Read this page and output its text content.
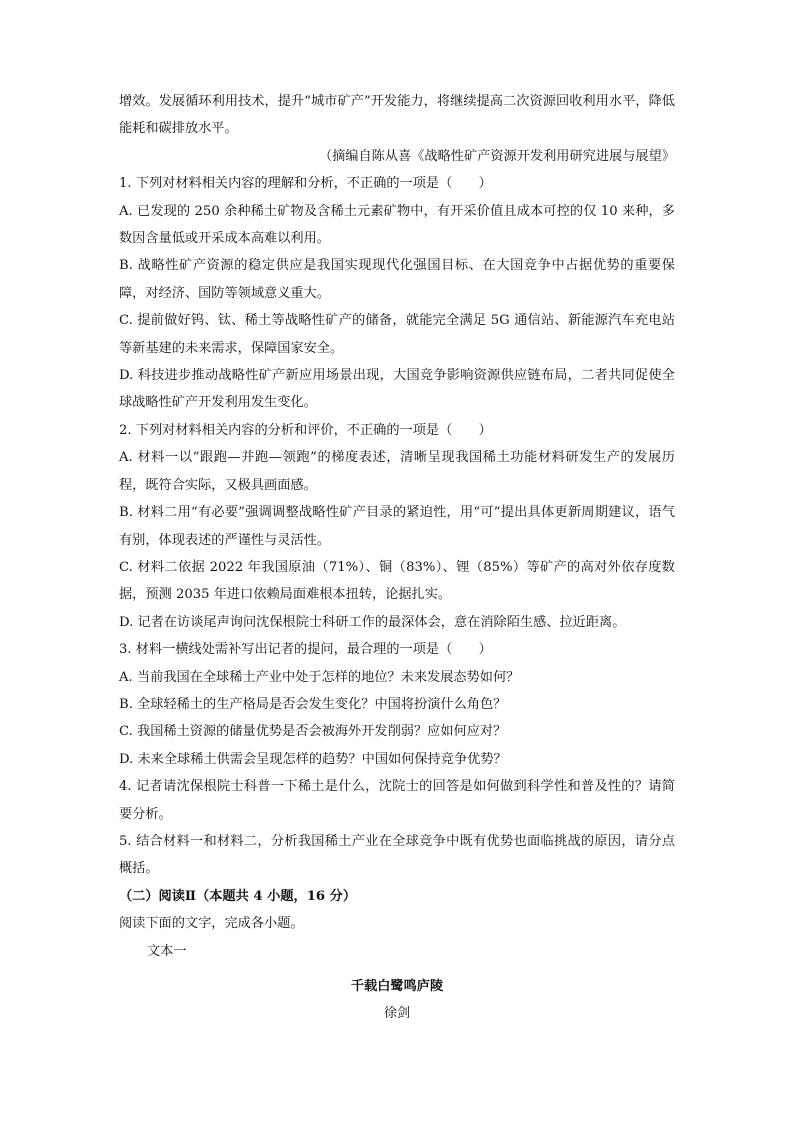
增效。发展循环利用技术，提升“城市矿产”开发能力，将继续提高二次资源回收利用水平，降低能耗和碳排放水平。

（摘编自陈从喜《战略性矿产资源开发利用研究进展与展望》

1. 下列对材料相关内容的理解和分析，不正确的一项是（　　）

A. 已发现的 250 余种稀土矿物及含稀土元素矿物中，有开采价值且成本可控的仅 10 来种，多数因含量低或开采成本高难以利用。

B. 战略性矿产资源的稳定供应是我国实现现代化强国目标、在大国竞争中占据优势的重要保障，对经济、国防等领域意义重大。

C. 提前做好钨、钛、稀土等战略性矿产的储备，就能完全满足 5G 通信站、新能源汽车充电站等新基建的未来需求，保障国家安全。

D. 科技进步推动战略性矿产新应用场景出现，大国竞争影响资源供应链布局，二者共同促使全球战略性矿产开发利用发生变化。

2. 下列对材料相关内容的分析和评价，不正确的一项是（　　）

A. 材料一以“跟跑—并跑—领跑”的梯度表述，清晰呈现我国稀土功能材料研发生产的发展历程，既符合实际，又极具画面感。

B. 材料二用“有必要”强调调整战略性矿产目录的紧迫性，用“可”提出具体更新周期建议，语气有别，体现表述的严谨性与灵活性。

C. 材料二依据 2022 年我国原油（71%）、铜（83%）、锂（85%）等矿产的高对外依存度数据，预测 2035 年进口依赖局面难根本扭转，论据扎实。

D. 记者在访谈尾声询问沈保根院士科研工作的最深体会，意在消除陌生感、拉近距离。

3. 材料一横线处需补写出记者的提问，最合理的一项是（　　）

A. 当前我国在全球稀土产业中处于怎样的地位？未来发展态势如何？

B. 全球轻稀土的生产格局是否会发生变化？中国将扮演什么角色？

C. 我国稀土资源的储量优势是否会被海外开发削弱？应如何应对？

D. 未来全球稀土供需会呈现怎样的趋势？中国如何保持竞争优势？

4. 记者请沈保根院士科普一下稀土是什么，沈院士的回答是如何做到科学性和普及性的？请简要分析。

5. 结合材料一和材料二，分析我国稀土产业在全球竞争中既有优势也面临挑战的原因，请分点概括。

（二）阅读Ⅱ（本题共 4 小题，16 分）

阅读下面的文字，完成各小题。

文本一

千载白鹭鸣庐陵

徐剑
